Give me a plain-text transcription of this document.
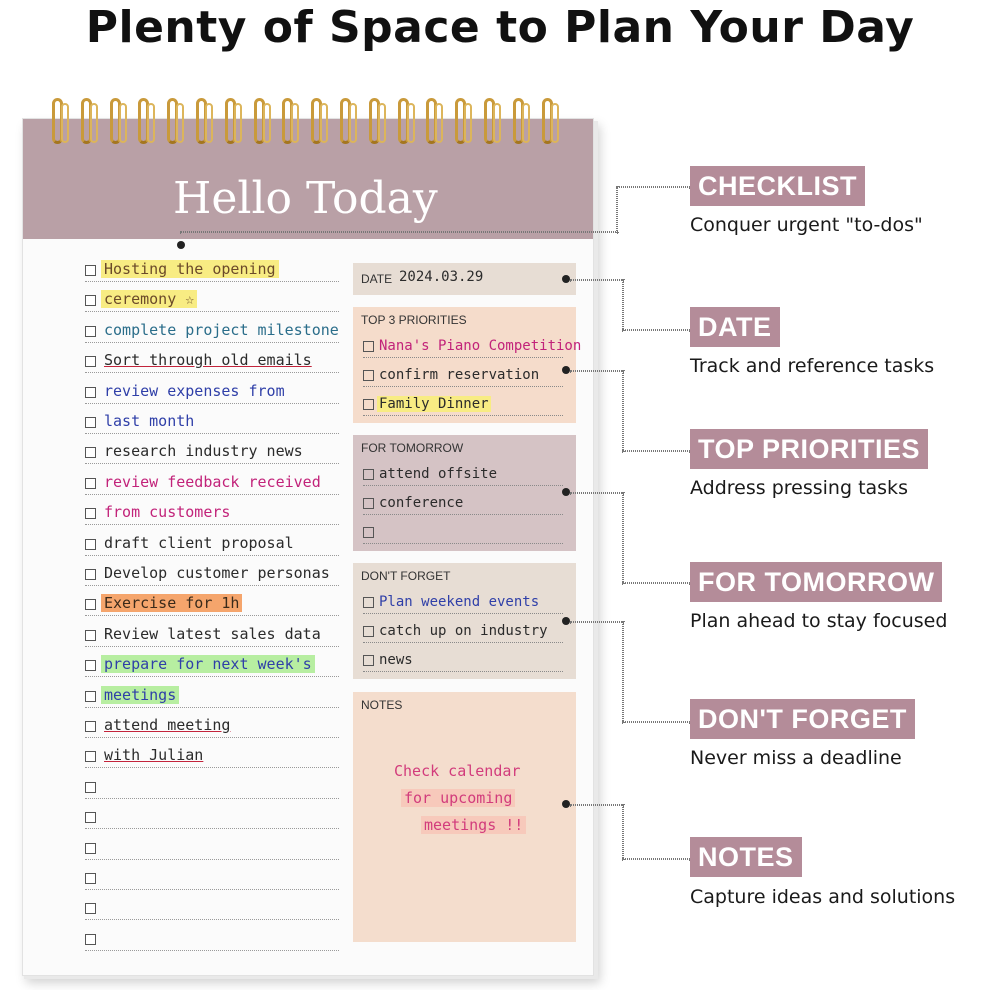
Plenty of Space to Plan Your Day
Hello Today
Hosting the opening
ceremony ☆
complete project milestone
Sort through old emails
review expenses from
last month
research industry news
review feedback received
from customers
draft client proposal
Develop customer personas
Exercise for 1h
Review latest sales data
prepare for next week's
meetings
attend meeting
with Julian
DATE 2024.03.29
TOP 3 PRIORITIES
Nana's Piano Competition
confirm reservation
Family Dinner
FOR TOMORROW
attend offsite
conference
DON'T FORGET
Plan weekend events
catch up on industry
news
NOTES
Check calendar
for upcoming
meetings !!
CHECKLIST
Conquer urgent "to-dos"
DATE
Track and reference tasks
TOP PRIORITIES
Address pressing tasks
FOR TOMORROW
Plan ahead to stay focused
DON'T FORGET
Never miss a deadline
NOTES
Capture ideas and solutions
